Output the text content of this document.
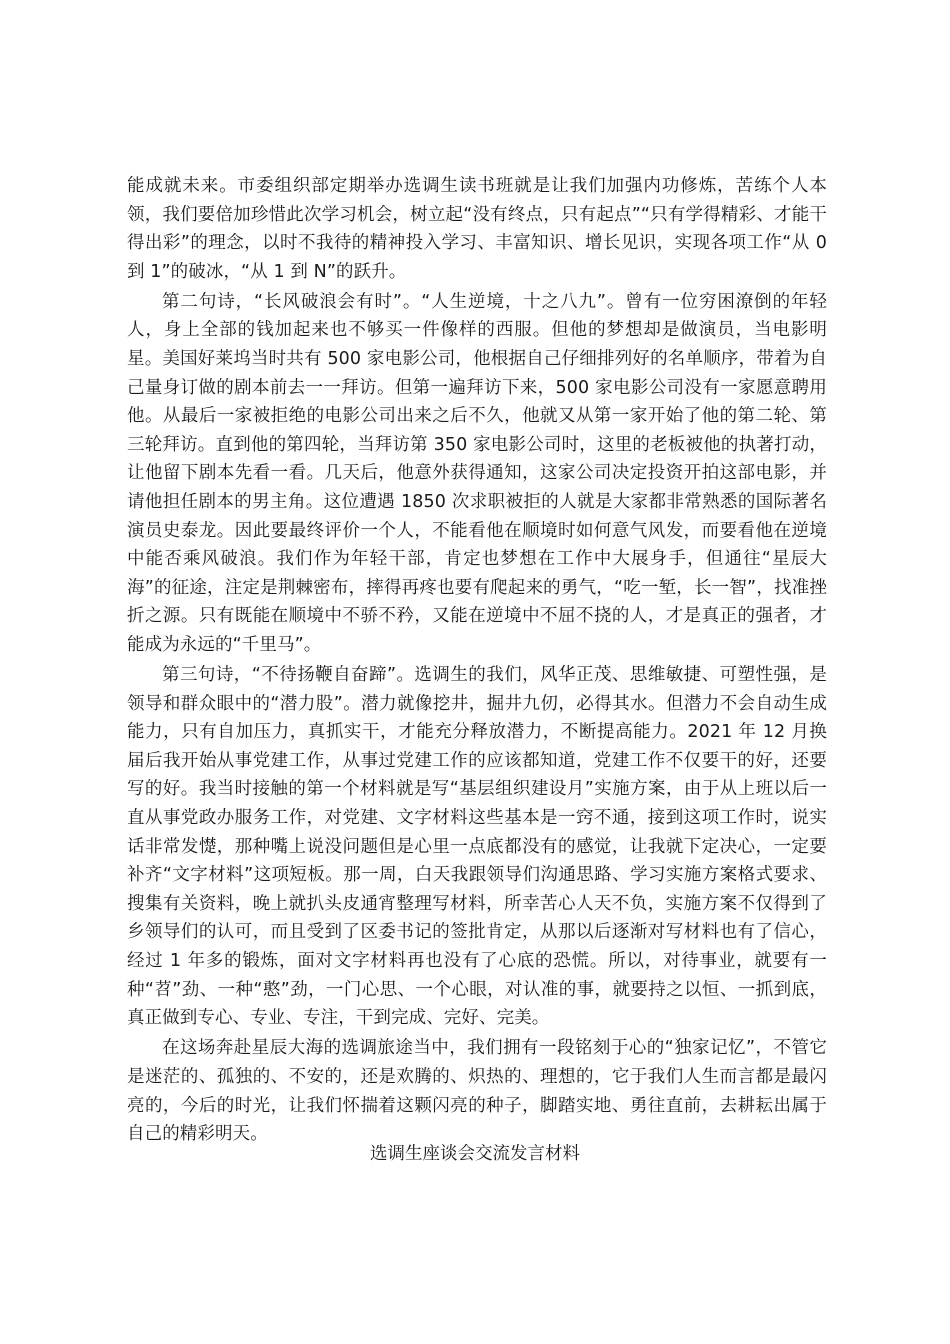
能成就未来。市委组织部定期举办选调生读书班就是让我们加强内功修炼，苦练个人本领，我们要倍加珍惜此次学习机会，树立起“没有终点，只有起点”“只有学得精彩、才能干得出彩”的理念，以时不我待的精神投入学习、丰富知识、增长见识，实现各项工作“从 0 到 1”的破冰，“从 1 到 N”的跃升。

第二句诗，“长风破浪会有时”。“人生逆境，十之八九”。曾有一位穷困潦倒的年轻人，身上全部的钱加起来也不够买一件像样的西服。但他的梦想却是做演员，当电影明星。美国好莱坞当时共有 500 家电影公司，他根据自己仔细排列好的名单顺序，带着为自己量身订做的剧本前去一一拜访。但第一遍拜访下来，500 家电影公司没有一家愿意聘用他。从最后一家被拒绝的电影公司出来之后不久，他就又从第一家开始了他的第二轮、第三轮拜访。直到他的第四轮，当拜访第 350 家电影公司时，这里的老板被他的执著打动，让他留下剧本先看一看。几天后，他意外获得通知，这家公司决定投资开拍这部电影，并请他担任剧本的男主角。这位遭遇 1850 次求职被拒的人就是大家都非常熟悉的国际著名演员史泰龙。因此要最终评价一个人，不能看他在顺境时如何意气风发，而要看他在逆境中能否乘风破浪。我们作为年轻干部，肯定也梦想在工作中大展身手，但通往“星辰大海”的征途，注定是荆棘密布，摔得再疼也要有爬起来的勇气，“吃一堑，长一智”，找准挫折之源。只有既能在顺境中不骄不矜，又能在逆境中不屈不挠的人，才是真正的强者，才能成为永远的“千里马”。

第三句诗，“不待扬鞭自奋蹄”。选调生的我们，风华正茂、思维敏捷、可塑性强，是领导和群众眼中的“潜力股”。潜力就像挖井，掘井九仞，必得其水。但潜力不会自动生成能力，只有自加压力，真抓实干，才能充分释放潜力，不断提高能力。2021 年 12 月换届后我开始从事党建工作，从事过党建工作的应该都知道，党建工作不仅要干的好，还要写的好。我当时接触的第一个材料就是写“基层组织建设月”实施方案，由于从上班以后一直从事党政办服务工作，对党建、文字材料这些基本是一窍不通，接到这项工作时，说实话非常发憷，那种嘴上说没问题但是心里一点底都没有的感觉，让我就下定决心，一定要补齐“文字材料”这项短板。那一周，白天我跟领导们沟通思路、学习实施方案格式要求、搜集有关资料，晚上就扒头皮通宵整理写材料，所幸苦心人天不负，实施方案不仅得到了乡领导们的认可，而且受到了区委书记的签批肯定，从那以后逐渐对写材料也有了信心，经过 1 年多的锻炼，面对文字材料再也没有了心底的恐慌。所以，对待事业，就要有一种“苕”劲、一种“憨”劲，一门心思、一个心眼，对认准的事，就要持之以恒、一抓到底，真正做到专心、专业、专注，干到完成、完好、完美。

在这场奔赴星辰大海的选调旅途当中，我们拥有一段铭刻于心的“独家记忆”，不管它是迷茫的、孤独的、不安的，还是欢腾的、炽热的、理想的，它于我们人生而言都是最闪亮的，今后的时光，让我们怀揣着这颗闪亮的种子，脚踏实地、勇往直前，去耕耘出属于自己的精彩明天。

选调生座谈会交流发言材料
